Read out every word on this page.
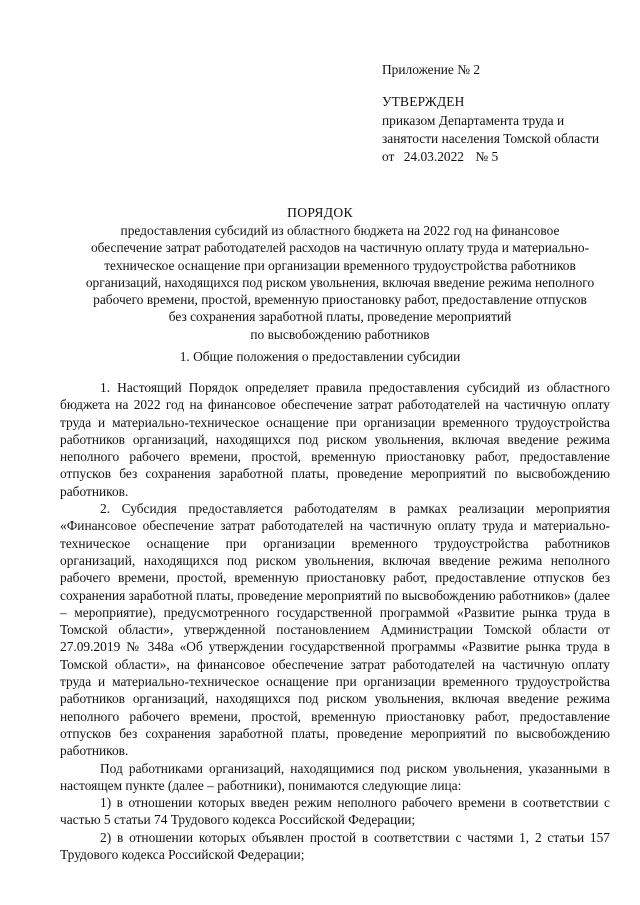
Приложение № 2
УТВЕРЖДЕН
приказом Департамента труда и
занятости населения Томской области
от 24.03.2022 № 5
ПОРЯДОК
предоставления субсидий из областного бюджета на 2022 год на финансовое
обеспечение затрат работодателей расходов на частичную оплату труда и материально-
техническое оснащение при организации временного трудоустройства работников
организаций, находящихся под риском увольнения, включая введение режима неполного
рабочего времени, простой, временную приостановку работ, предоставление отпусков
без сохранения заработной платы, проведение мероприятий
по высвобождению работников
1. Общие положения о предоставлении субсидии

1. Настоящий Порядок определяет правила предоставления субсидий из областного бюджета на 2022 год на финансовое обеспечение затрат работодателей на частичную оплату труда и материально-техническое оснащение при организации временного трудоустройства работников организаций, находящихся под риском увольнения, включая введение режима неполного рабочего времени, простой, временную приостановку работ, предоставление отпусков без сохранения заработной платы, проведение мероприятий по высвобождению работников.

2. Субсидия предоставляется работодателям в рамках реализации мероприятия «Финансовое обеспечение затрат работодателей на частичную оплату труда и материально-техническое оснащение при организации временного трудоустройства работников организаций, находящихся под риском увольнения, включая введение режима неполного рабочего времени, простой, временную приостановку работ, предоставление отпусков без сохранения заработной платы, проведение мероприятий по высвобождению работников» (далее – мероприятие), предусмотренного государственной программой «Развитие рынка труда в Томской области», утвержденной постановлением Администрации Томской области от 27.09.2019 № 348а «Об утверждении государственной программы «Развитие рынка труда в Томской области», на финансовое обеспечение затрат работодателей на частичную оплату труда и материально-техническое оснащение при организации временного трудоустройства работников организаций, находящихся под риском увольнения, включая введение режима неполного рабочего времени, простой, временную приостановку работ, предоставление отпусков без сохранения заработной платы, проведение мероприятий по высвобождению работников.

Под работниками организаций, находящимися под риском увольнения, указанными в настоящем пункте (далее – работники), понимаются следующие лица:

1) в отношении которых введен режим неполного рабочего времени в соответствии с частью 5 статьи 74 Трудового кодекса Российской Федерации;

2) в отношении которых объявлен простой в соответствии с частями 1, 2 статьи 157 Трудового кодекса Российской Федерации;
